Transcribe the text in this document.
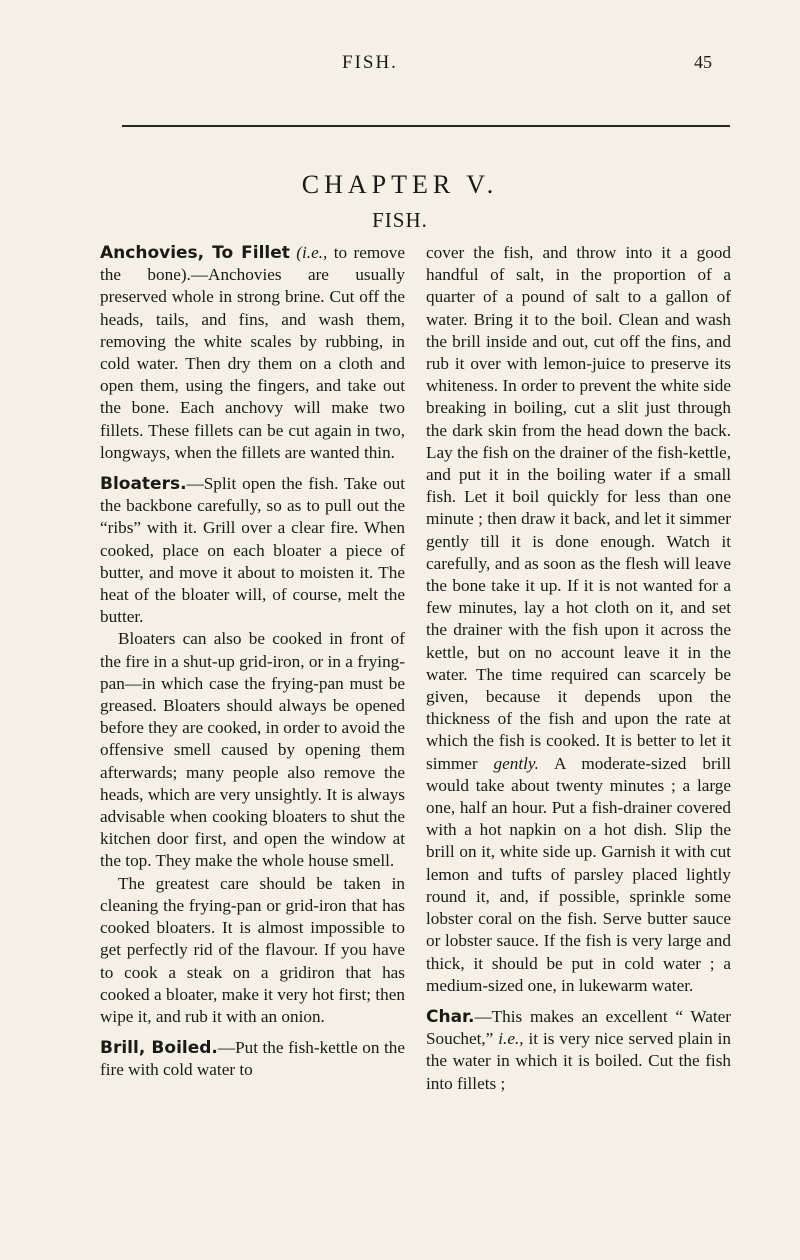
FISH.	45
CHAPTER V.
FISH.

Anchovies, To Fillet (i.e., to remove the bone).—Anchovies are usually preserved whole in strong brine. Cut off the heads, tails, and fins, and wash them, removing the white scales by rubbing, in cold water. Then dry them on a cloth and open them, using the fingers, and take out the bone. Each anchovy will make two fillets. These fillets can be cut again in two, longways, when the fillets are wanted thin.

Bloaters.—Split open the fish. Take out the backbone carefully, so as to pull out the “ribs” with it. Grill over a clear fire. When cooked, place on each bloater a piece of butter, and move it about to moisten it. The heat of the bloater will, of course, melt the butter.

Bloaters can also be cooked in front of the fire in a shut-up grid-iron, or in a frying-pan—in which case the frying-pan must be greased. Bloaters should always be opened before they are cooked, in order to avoid the offensive smell caused by opening them afterwards; many people also remove the heads, which are very unsightly. It is always advisable when cooking bloaters to shut the kitchen door first, and open the window at the top. They make the whole house smell.

The greatest care should be taken in cleaning the frying-pan or grid-iron that has cooked bloaters. It is almost impossible to get perfectly rid of the flavour. If you have to cook a steak on a gridiron that has cooked a bloater, make it very hot first; then wipe it, and rub it with an onion.

Brill, Boiled.—Put the fish-kettle on the fire with cold water to

cover the fish, and throw into it a good handful of salt, in the proportion of a quarter of a pound of salt to a gallon of water. Bring it to the boil. Clean and wash the brill inside and out, cut off the fins, and rub it over with lemon-juice to preserve its whiteness. In order to prevent the white side breaking in boiling, cut a slit just through the dark skin from the head down the back. Lay the fish on the drainer of the fish-kettle, and put it in the boiling water if a small fish. Let it boil quickly for less than one minute ; then draw it back, and let it simmer gently till it is done enough. Watch it carefully, and as soon as the flesh will leave the bone take it up. If it is not wanted for a few minutes, lay a hot cloth on it, and set the drainer with the fish upon it across the kettle, but on no account leave it in the water. The time required can scarcely be given, because it depends upon the thickness of the fish and upon the rate at which the fish is cooked. It is better to let it simmer gently. A moderate-sized brill would take about twenty minutes ; a large one, half an hour. Put a fish-drainer covered with a hot napkin on a hot dish. Slip the brill on it, white side up. Garnish it with cut lemon and tufts of parsley placed lightly round it, and, if possible, sprinkle some lobster coral on the fish. Serve butter sauce or lobster sauce. If the fish is very large and thick, it should be put in cold water ; a medium-sized one, in lukewarm water.

Char.—This makes an excellent “ Water Souchet,” i.e., it is very nice served plain in the water in which it is boiled. Cut the fish into fillets ;
